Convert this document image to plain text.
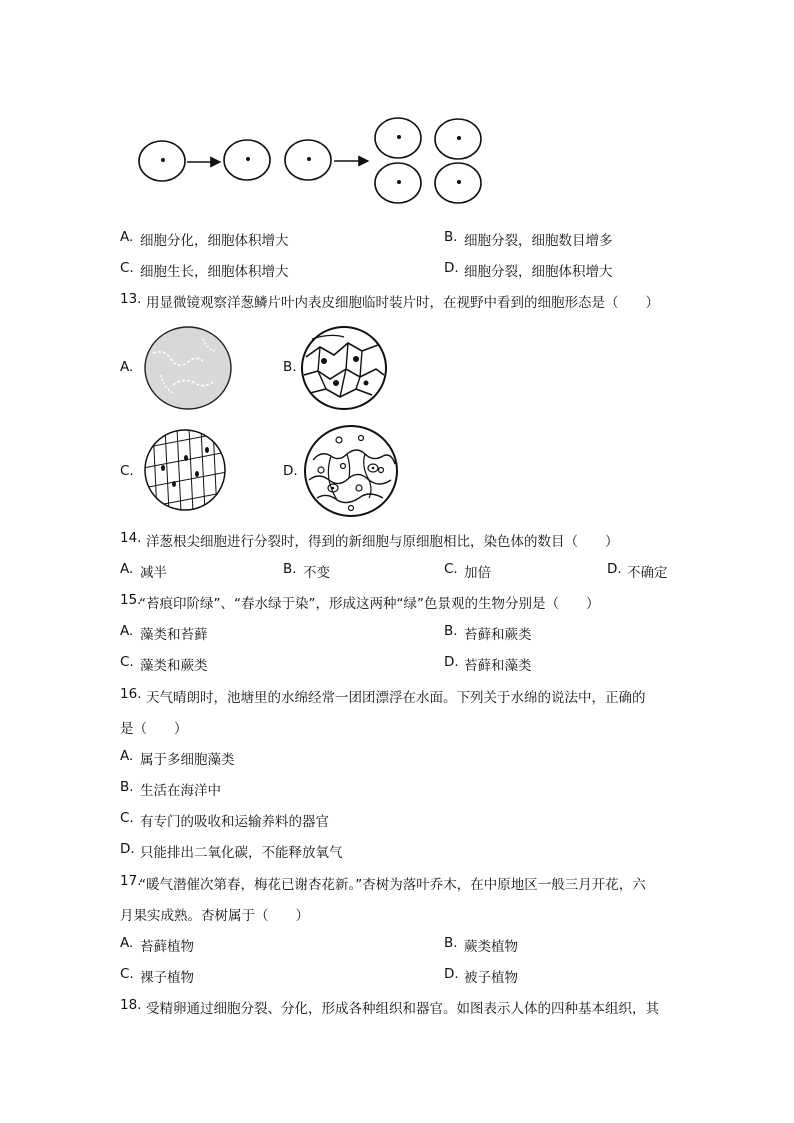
A. 细胞分化，细胞体积增大	B. 细胞分裂，细胞数目增多
C. 细胞生长，细胞体积增大	D. 细胞分裂，细胞体积增大
13. 用显微镜观察洋葱鳞片叶内表皮细胞临时装片时，在视野中看到的细胞形态是（　　）
A.	B.
C.	D.
14. 洋葱根尖细胞进行分裂时，得到的新细胞与原细胞相比，染色体的数目（　　）
A. 减半	B. 不变	C. 加倍	D. 不确定
15.
“苔痕印阶绿”、“春水绿于染”，形成这两种“绿”色景观的生物分别是（　　）
A. 藻类和苔藓	B. 苔藓和蕨类
C. 藻类和蕨类	D. 苔藓和藻类
16. 天气晴朗时，池塘里的水绵经常一团团漂浮在水面。下列关于水绵的说法中，正确的
是（　　）
A. 属于多细胞藻类
B. 生活在海洋中
C. 有专门的吸收和运输养料的器官
D. 只能排出二氧化碳，不能释放氧气
17.
“暖气潜催次第春，梅花已谢杏花新。”杏树为落叶乔木，在中原地区一般三月开花，六
月果实成熟。杏树属于（　　）
A. 苔藓植物	B. 蕨类植物
C. 裸子植物	D. 被子植物
18. 受精卵通过细胞分裂、分化，形成各种组织和器官。如图表示人体的四种基本组织，其
